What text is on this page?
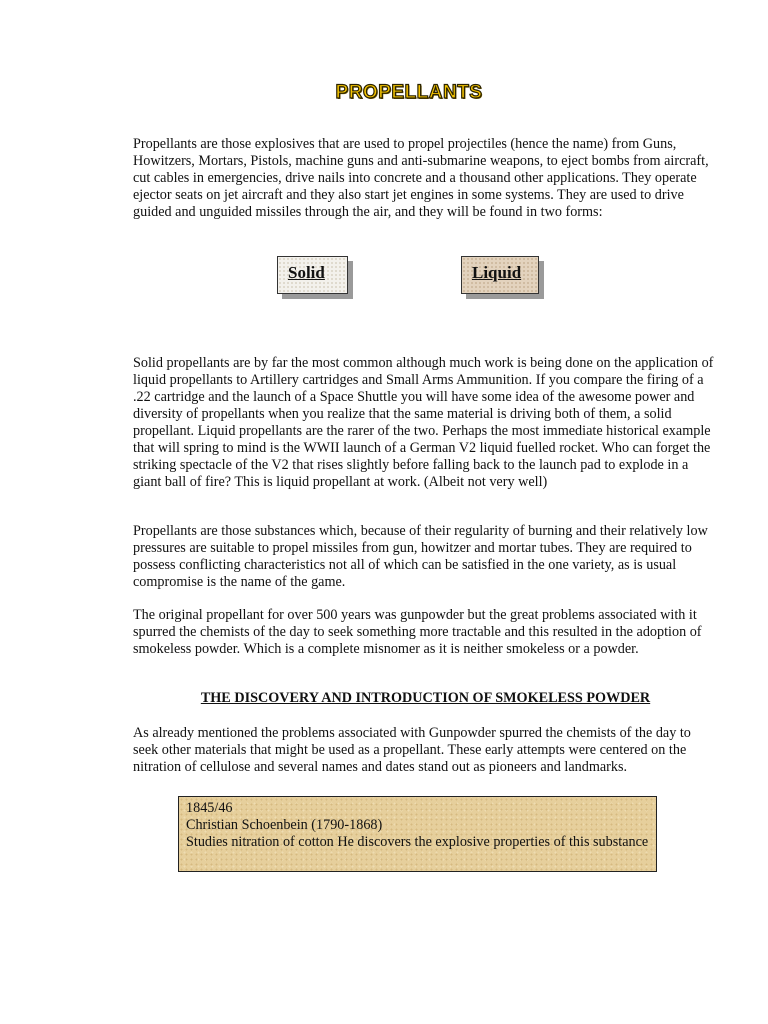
PROPELLANTS

Propellants are those explosives that are used to propel projectiles (hence the name) from Guns, Howitzers, Mortars, Pistols, machine guns and anti-submarine weapons, to eject bombs from aircraft, cut cables in emergencies, drive nails into concrete and a thousand other applications. They operate ejector seats on jet aircraft and they also start jet engines in some systems. They are used to drive guided and unguided missiles through the air, and they will be found in two forms:

Solid	Liquid

Solid propellants are by far the most common although much work is being done on the application of liquid propellants to Artillery cartridges and Small Arms Ammunition. If you compare the firing of a .22 cartridge and the launch of a Space Shuttle you will have some idea of the awesome power and diversity of propellants when you realize that the same material is driving both of them, a solid propellant. Liquid propellants are the rarer of the two. Perhaps the most immediate historical example that will spring to mind is the WWII launch of a German V2 liquid fuelled rocket. Who can forget the striking spectacle of the V2 that rises slightly before falling back to the launch pad to explode in a giant ball of fire? This is liquid propellant at work. (Albeit not very well)

Propellants are those substances which, because of their regularity of burning and their relatively low pressures are suitable to propel missiles from gun, howitzer and mortar tubes. They are required to possess conflicting characteristics not all of which can be satisfied in the one variety, as is usual compromise is the name of the game.

The original propellant for over 500 years was gunpowder but the great problems associated with it spurred the chemists of the day to seek something more tractable and this resulted in the adoption of smokeless powder. Which is a complete misnomer as it is neither smokeless or a powder.

THE DISCOVERY AND INTRODUCTION OF SMOKELESS POWDER

As already mentioned the problems associated with Gunpowder spurred the chemists of the day to seek other materials that might be used as a propellant. These early attempts were centered on the nitration of cellulose and several names and dates stand out as pioneers and landmarks.

1845/46
Christian Schoenbein (1790-1868)
Studies nitration of cotton He discovers the explosive properties of this substance
